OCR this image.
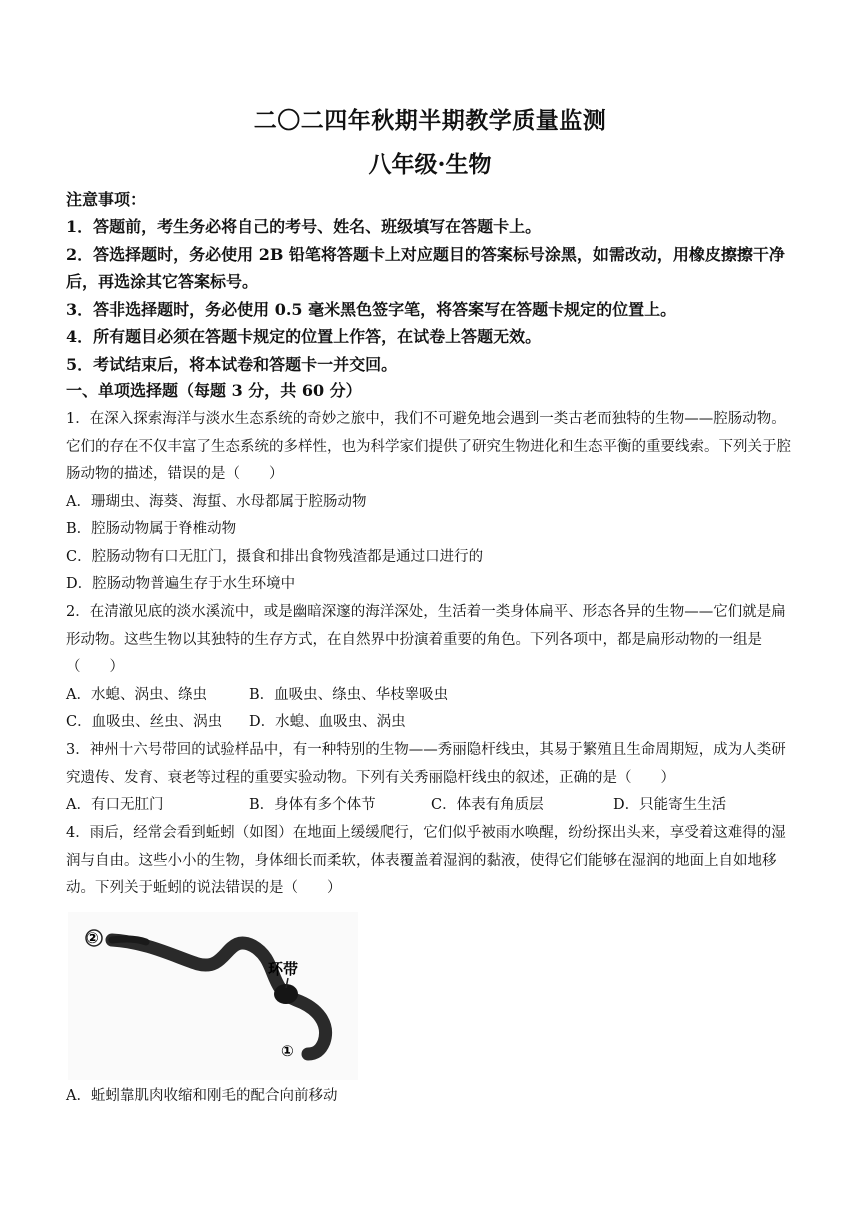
二〇二四年秋期半期教学质量监测
八年级·生物
注意事项：

1．答题前，考生务必将自己的考号、姓名、班级填写在答题卡上。

2．答选择题时，务必使用 2B 铅笔将答题卡上对应题目的答案标号涂黑，如需改动，用橡皮擦擦干净后，再选涂其它答案标号。

3．答非选择题时，务必使用 0.5 毫米黑色签字笔，将答案写在答题卡规定的位置上。

4．所有题目必须在答题卡规定的位置上作答，在试卷上答题无效。

5．考试结束后，将本试卷和答题卡一并交回。

一、单项选择题（每题 3 分，共 60 分）

1．在深入探索海洋与淡水生态系统的奇妙之旅中，我们不可避免地会遇到一类古老而独特的生物——腔肠动物。它们的存在不仅丰富了生态系统的多样性，也为科学家们提供了研究生物进化和生态平衡的重要线索。下列关于腔肠动物的描述，错误的是（　　）

A．珊瑚虫、海葵、海蜇、水母都属于腔肠动物

B．腔肠动物属于脊椎动物

C．腔肠动物有口无肛门，摄食和排出食物残渣都是通过口进行的

D．腔肠动物普遍生存于水生环境中

2．在清澈见底的淡水溪流中，或是幽暗深邃的海洋深处，生活着一类身体扁平、形态各异的生物——它们就是扁形动物。这些生物以其独特的生存方式，在自然界中扮演着重要的角色。下列各项中，都是扁形动物的一组是（　　）

A．水螅、涡虫、绦虫	B．血吸虫、绦虫、华枝睾吸虫

C．血吸虫、丝虫、涡虫 D．水螅、血吸虫、涡虫

3．神州十六号带回的试验样品中，有一种特别的生物——秀丽隐杆线虫，其易于繁殖且生命周期短，成为人类研究遗传、发育、衰老等过程的重要实验动物。下列有关秀丽隐杆线虫的叙述，正确的是（　　）

A．有口无肛门	B．身体有多个体节	C．体表有角质层	D．只能寄生生活

4．雨后，经常会看到蚯蚓（如图）在地面上缓缓爬行，它们似乎被雨水唤醒，纷纷探出头来，享受着这难得的湿润与自由。这些小小的生物，身体细长而柔软，体表覆盖着湿润的黏液，使得它们能够在湿润的地面上自如地移动。下列关于蚯蚓的说法错误的是（　　）

②
环带
①
A．蚯蚓靠肌肉收缩和刚毛的配合向前移动
